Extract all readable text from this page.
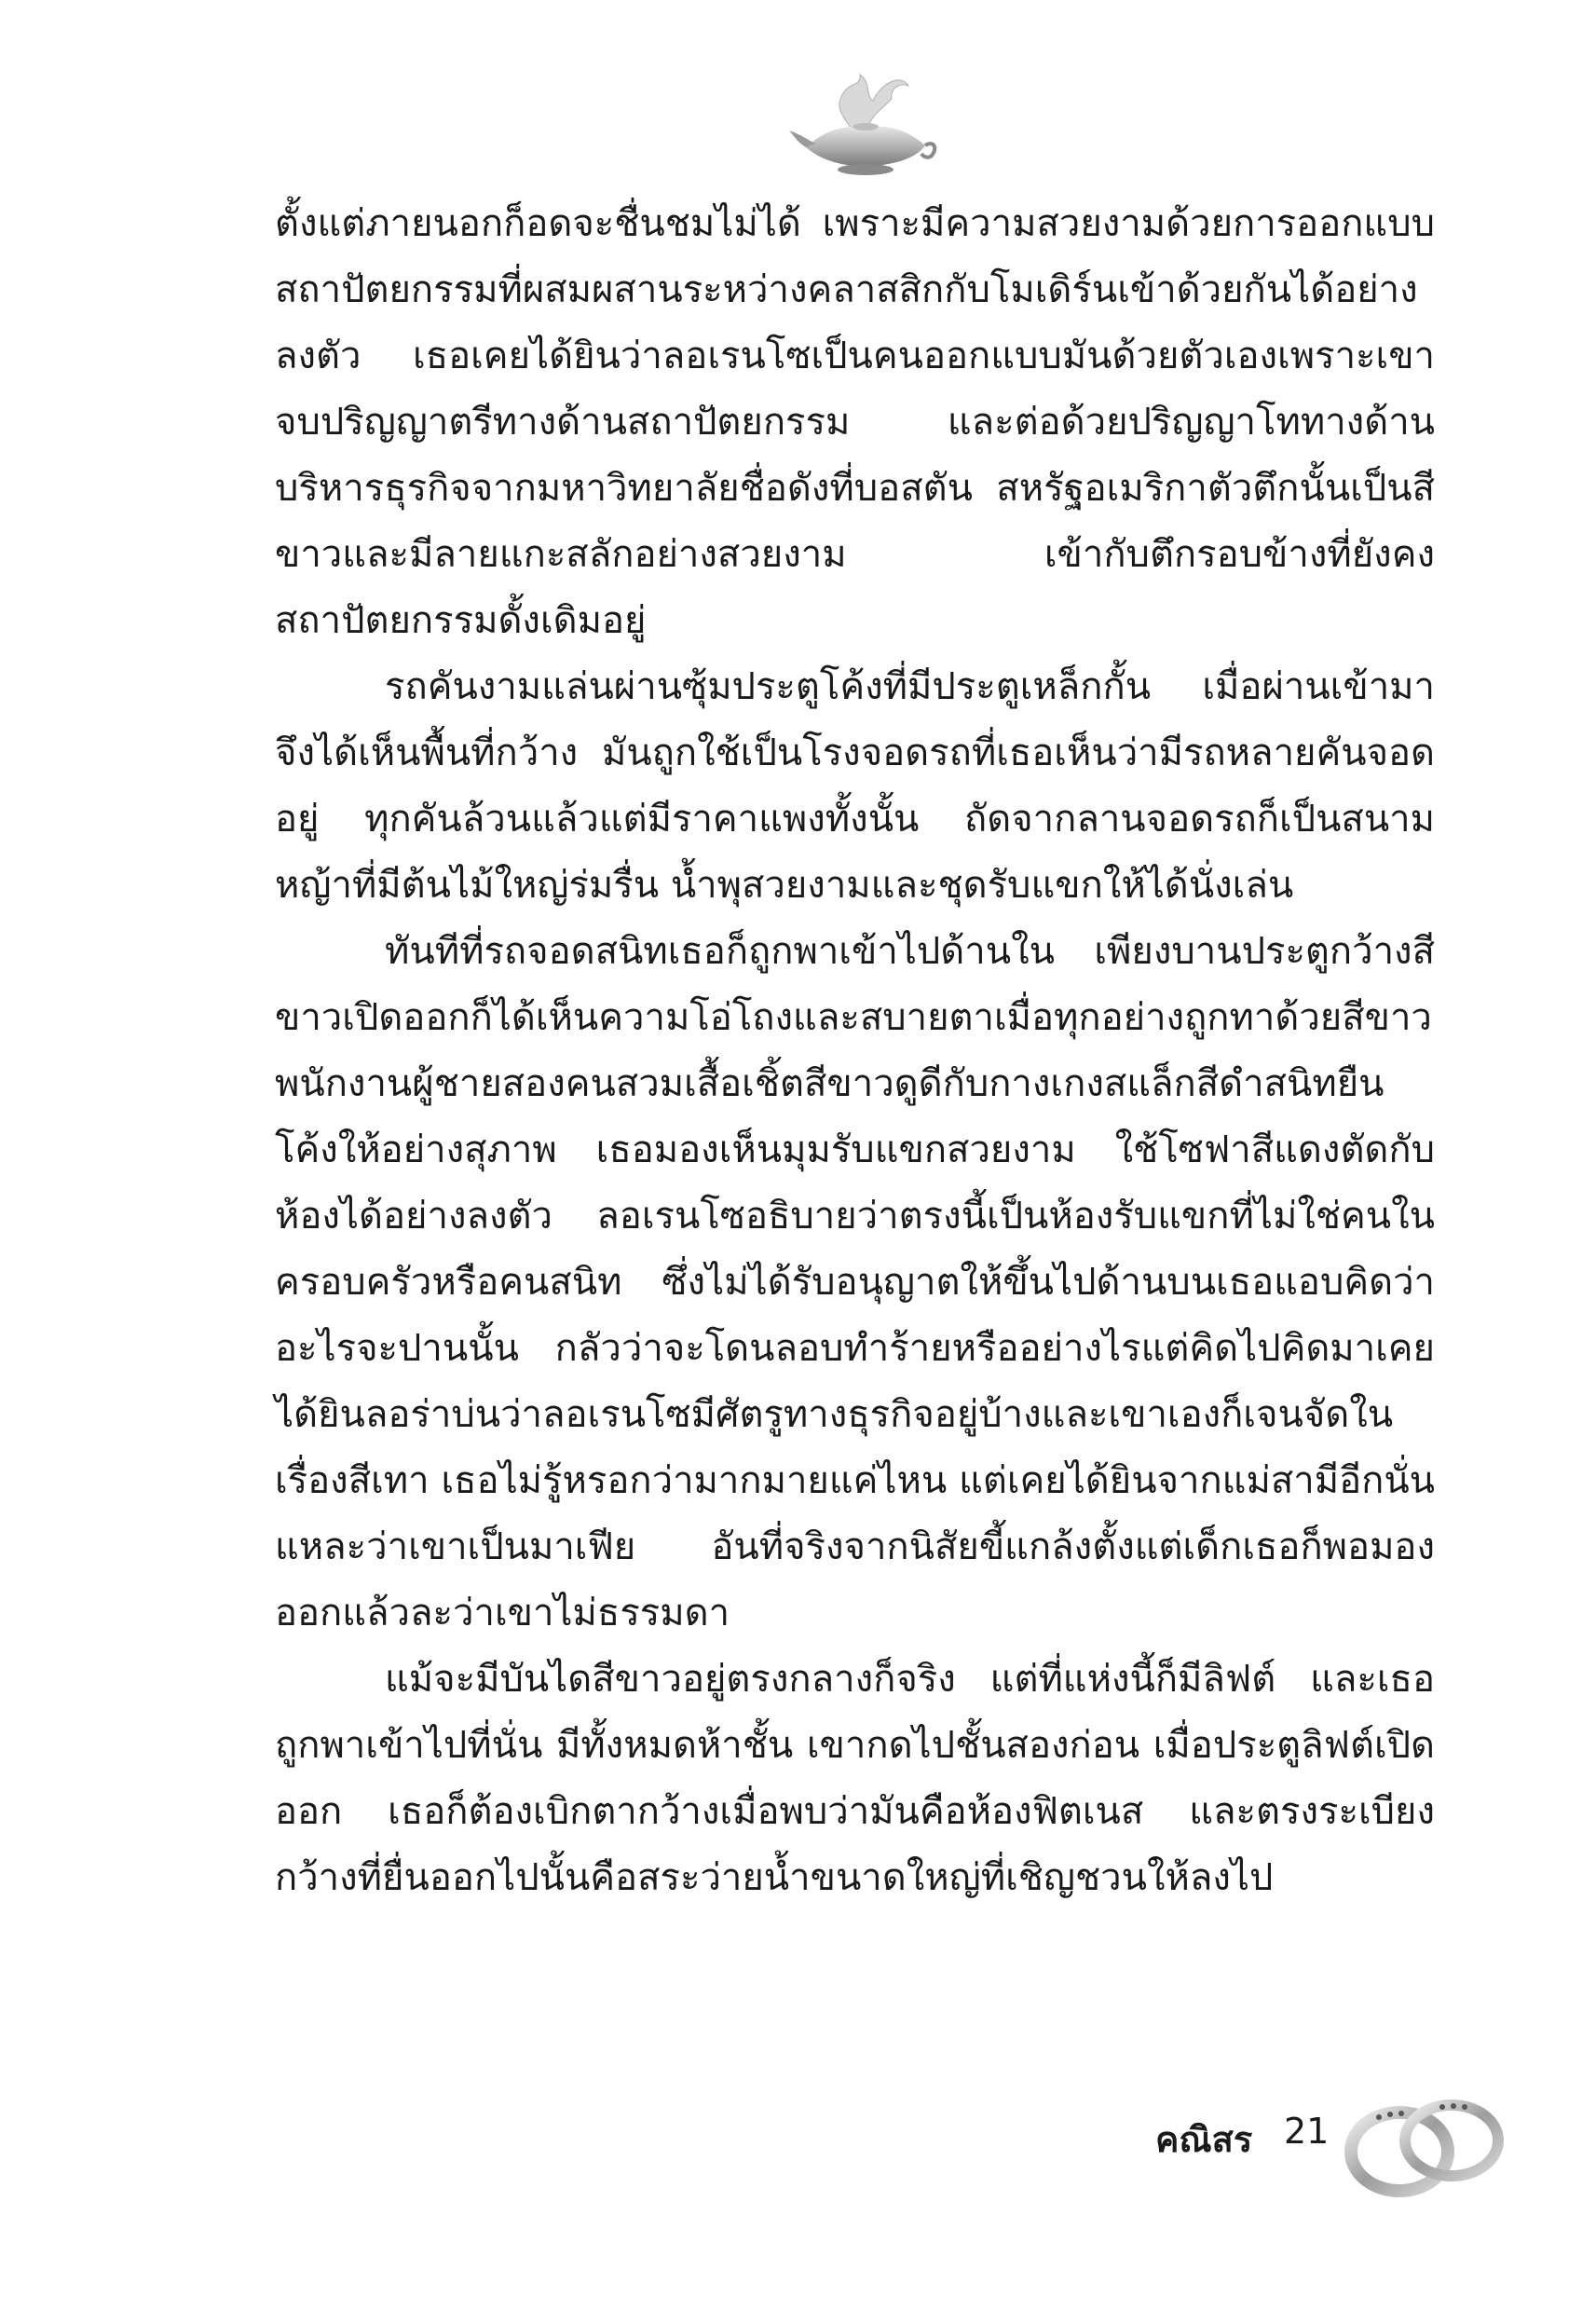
ตั้งแต่ภายนอกก็อดจะชื่นชมไม่ได้ เพราะมีความสวยงามด้วยการออกแบบสถาปัตยกรรมที่ผสมผสานระหว่างคลาสสิกกับโมเดิร์นเข้าด้วยกันได้อย่างลงตัว เธอเคยได้ยินว่าลอเรนโซเป็นคนออกแบบมันด้วยตัวเองเพราะเขาจบปริญญาตรีทางด้านสถาปัตยกรรม และต่อด้วยปริญญาโททางด้านบริหารธุรกิจจากมหาวิทยาลัยชื่อดังที่บอสตัน สหรัฐอเมริกาตัวตึกนั้นเป็นสีขาวและมีลายแกะสลักอย่างสวยงาม เข้ากับตึกรอบข้างที่ยังคงสถาปัตยกรรมดั้งเดิมอยู่

รถคันงามแล่นผ่านซุ้มประตูโค้งที่มีประตูเหล็กกั้น เมื่อผ่านเข้ามาจึงได้เห็นพื้นที่กว้าง มันถูกใช้เป็นโรงจอดรถที่เธอเห็นว่ามีรถหลายคันจอดอยู่ ทุกคันล้วนแล้วแต่มีราคาแพงทั้งนั้น ถัดจากลานจอดรถก็เป็นสนามหญ้าที่มีต้นไม้ใหญ่ร่มรื่น น้ำพุสวยงามและชุดรับแขกให้ได้นั่งเล่น

ทันทีที่รถจอดสนิทเธอก็ถูกพาเข้าไปด้านใน เพียงบานประตูกว้างสีขาวเปิดออกก็ได้เห็นความโอ่โถงและสบายตาเมื่อทุกอย่างถูกทาด้วยสีขาว พนักงานผู้ชายสองคนสวมเสื้อเชิ้ตสีขาวดูดีกับกางเกงสแล็กสีดำสนิทยืนโค้งให้อย่างสุภาพ เธอมองเห็นมุมรับแขกสวยงาม ใช้โซฟาสีแดงตัดกับห้องได้อย่างลงตัว ลอเรนโซอธิบายว่าตรงนี้เป็นห้องรับแขกที่ไม่ใช่คนในครอบครัวหรือคนสนิท ซึ่งไม่ได้รับอนุญาตให้ขึ้นไปด้านบนเธอแอบคิดว่าอะไรจะปานนั้น กลัวว่าจะโดนลอบทำร้ายหรืออย่างไรแต่คิดไปคิดมาเคยได้ยินลอร่าบ่นว่าลอเรนโซมีศัตรูทางธุรกิจอยู่บ้างและเขาเองก็เจนจัดในเรื่องสีเทา เธอไม่รู้หรอกว่ามากมายแค่ไหน แต่เคยได้ยินจากแม่สามีอีกนั่นแหละว่าเขาเป็นมาเฟีย อันที่จริงจากนิสัยขี้แกล้งตั้งแต่เด็กเธอก็พอมองออกแล้วละว่าเขาไม่ธรรมดา

แม้จะมีบันไดสีขาวอยู่ตรงกลางก็จริง แต่ที่แห่งนี้ก็มีลิฟต์ และเธอถูกพาเข้าไปที่นั่น มีทั้งหมดห้าชั้น เขากดไปชั้นสองก่อน เมื่อประตูลิฟต์เปิดออก เธอก็ต้องเบิกตากว้างเมื่อพบว่ามันคือห้องฟิตเนส และตรงระเบียงกว้างที่ยื่นออกไปนั้นคือสระว่ายน้ำขนาดใหญ่ที่เชิญชวนให้ลงไป

คณิสร 21
